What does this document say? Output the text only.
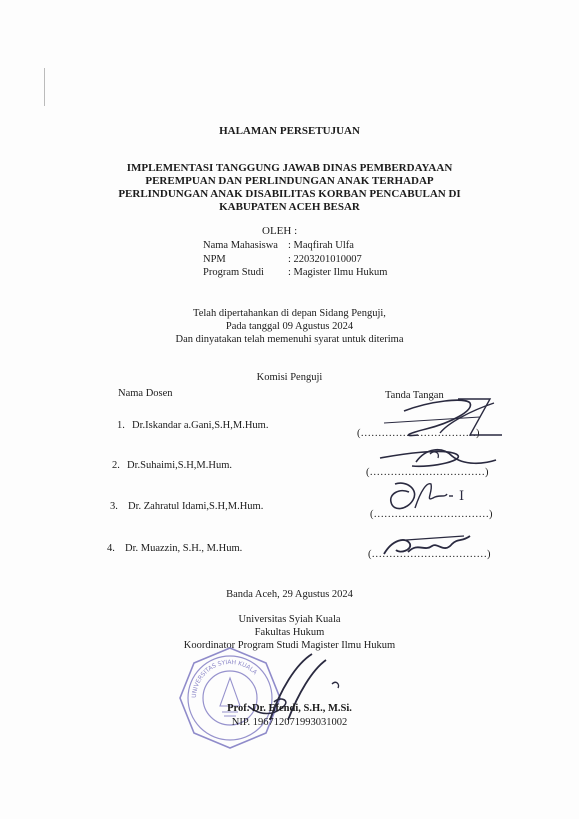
HALAMAN PERSETUJUAN
IMPLEMENTASI TANGGUNG JAWAB DINAS PEMBERDAYAAN
PEREMPUAN DAN PERLINDUNGAN ANAK TERHADAP
PERLINDUNGAN ANAK DISABILITAS KORBAN PENCABULAN DI
KABUPATEN ACEH BESAR
OLEH :
Nama Mahasiswa : Maqfirah Ulfa
NPM	: 2203201010007
Program Studi : Magister Ilmu Hukum
Telah dipertahankan di depan Sidang Penguji,
Pada tanggal 09 Agustus 2024
Dan dinyatakan telah memenuhi syarat untuk diterima
Komisi Penguji
Nama Dosen	Tanda Tangan
1. Dr.Iskandar a.Gani,S.H,M.Hum.
(……………………………)
2. Dr.Suhaimi,S.H,M.Hum.
(……………………………)
3. Dr. Zahratul Idami,S.H,M.Hum.
(……………………………)
4. Dr. Muazzin, S.H., M.Hum.
(……………………………)
I
Banda Aceh, 29 Agustus 2024
Universitas Syiah Kuala
Fakultas Hukum
Koordinator Program Studi Magister Ilmu Hukum
UNIVERSITAS SYIAH KUALA
Prof. Dr. Efendi, S.H., M.Si.
NIP. 196712071993031002
